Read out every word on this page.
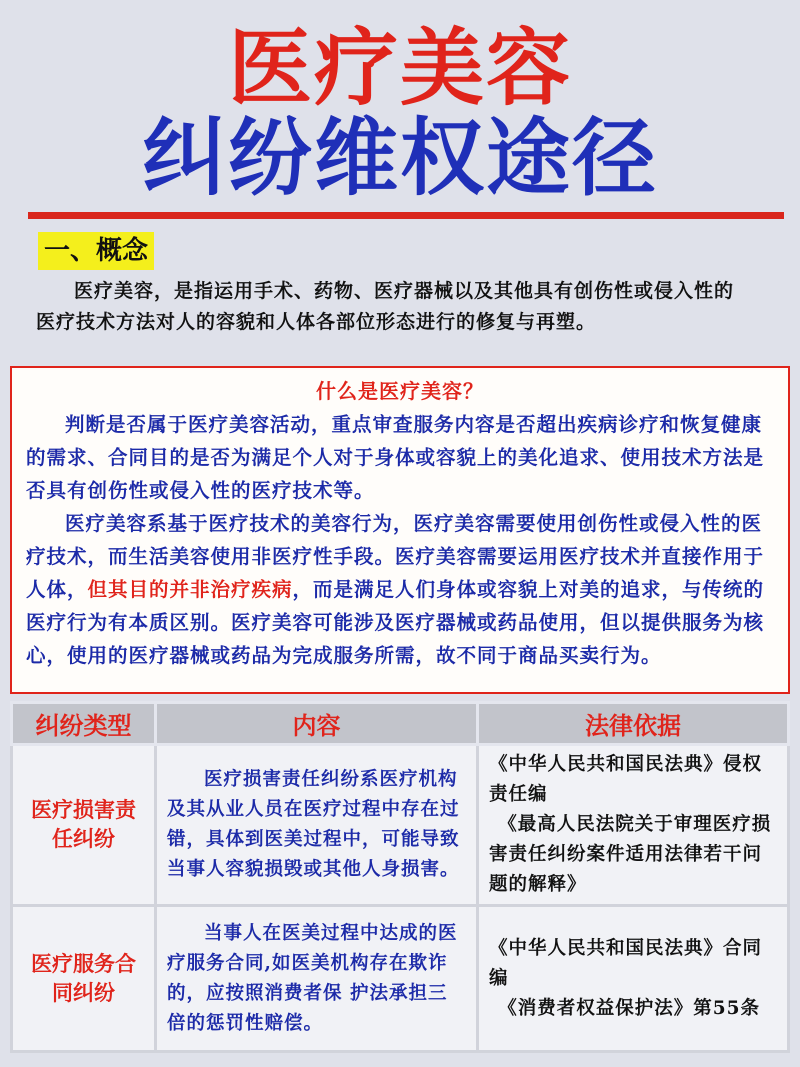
医疗美容
纠纷维权途径
一、概念

医疗美容，是指运用手术、药物、医疗器械以及其他具有创伤性或侵入性的医疗技术方法对人的容貌和人体各部位形态进行的修复与再塑。

什么是医疗美容？

判断是否属于医疗美容活动，重点审查服务内容是否超出疾病诊疗和恢复健康的需求、合同目的是否为满足个人对于身体或容貌上的美化追求、使用技术方法是否具有创伤性或侵入性的医疗技术等。

医疗美容系基于医疗技术的美容行为，医疗美容需要使用创伤性或侵入性的医疗技术，而生活美容使用非医疗性手段。医疗美容需要运用医疗技术并直接作用于人体，但其目的并非治疗疾病，而是满足人们身体或容貌上对美的追求，与传统的医疗行为有本质区别。医疗美容可能涉及医疗器械或药品使用，但以提供服务为核心，使用的医疗器械或药品为完成服务所需，故不同于商品买卖行为。

纠纷类型	内容	法律依据
医疗损害责任纠纷	医疗损害责任纠纷系医疗机构及其从业人员在医疗过程中存在过错，具体到医美过程中，可能导致当事人容貌损毁或其他人身损害。	《中华人民共和国民法典》侵权责任编

《最高人民法院关于审理医疗损害责任纠纷案件适用法律若干问题的解释》

医疗服务合同纠纷	当事人在医美过程中达成的医疗服务合同,如医美机构存在欺诈的，应按照消费者保 护法承担三倍的惩罚性赔偿。	《中华人民共和国民法典》合同编

《消费者权益保护法》第55条
